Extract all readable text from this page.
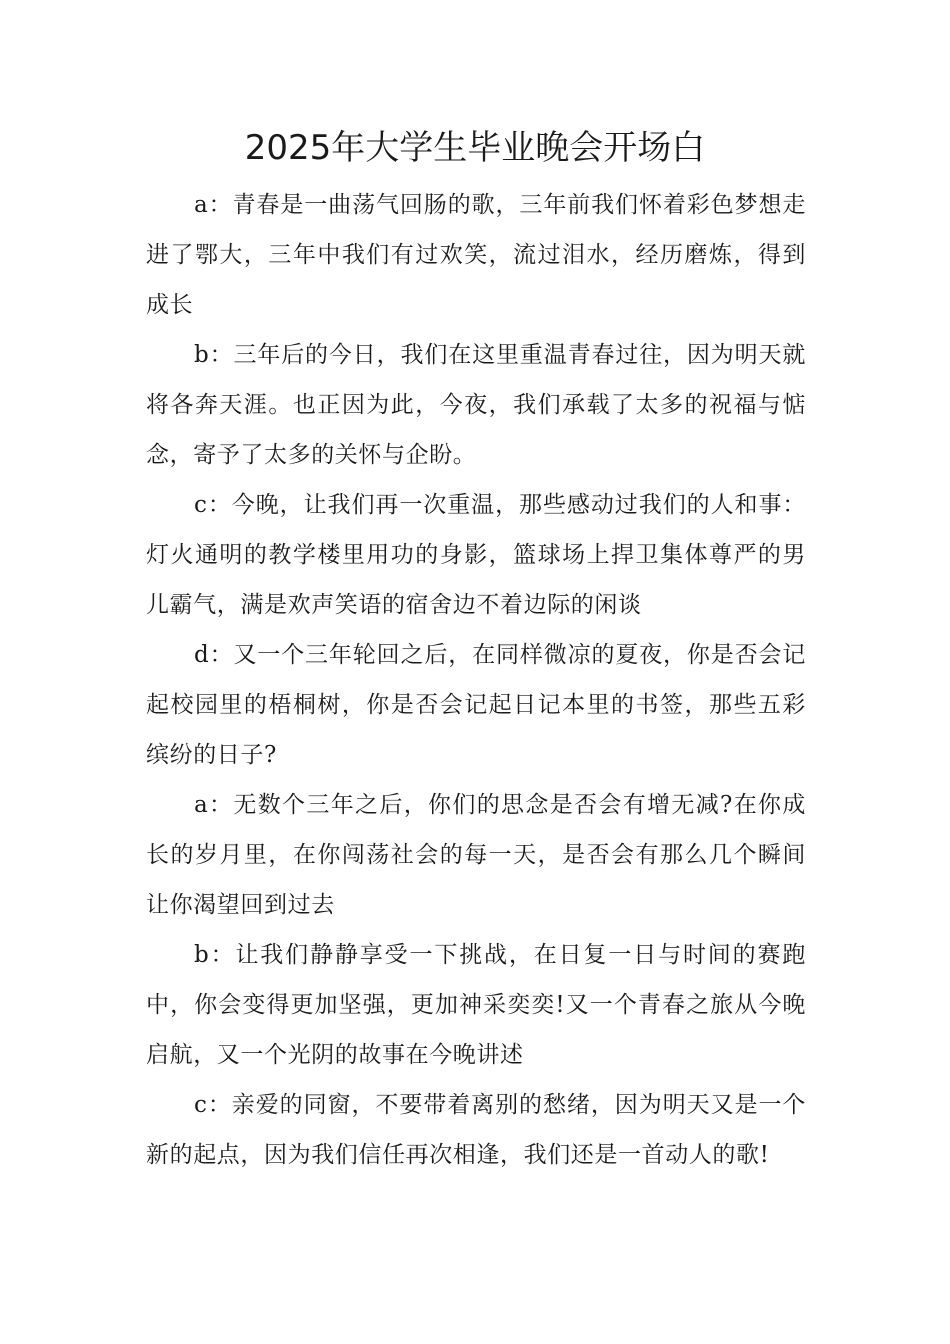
2025年大学生毕业晚会开场白

a：青春是一曲荡气回肠的歌，三年前我们怀着彩色梦想走进了鄂大，三年中我们有过欢笑，流过泪水，经历磨炼，得到成长

b：三年后的今日，我们在这里重温青春过往，因为明天就将各奔天涯。也正因为此，今夜，我们承载了太多的祝福与惦念，寄予了太多的关怀与企盼。

c：今晚，让我们再一次重温，那些感动过我们的人和事：灯火通明的教学楼里用功的身影，篮球场上捍卫集体尊严的男儿霸气，满是欢声笑语的宿舍边不着边际的闲谈

d：又一个三年轮回之后，在同样微凉的夏夜，你是否会记起校园里的梧桐树，你是否会记起日记本里的书签，那些五彩缤纷的日子?

a：无数个三年之后，你们的思念是否会有增无减?在你成长的岁月里，在你闯荡社会的每一天，是否会有那么几个瞬间让你渴望回到过去

b：让我们静静享受一下挑战，在日复一日与时间的赛跑中，你会变得更加坚强，更加神采奕奕!又一个青春之旅从今晚启航，又一个光阴的故事在今晚讲述

c：亲爱的同窗，不要带着离别的愁绪，因为明天又是一个新的起点，因为我们信任再次相逢，我们还是一首动人的歌!
